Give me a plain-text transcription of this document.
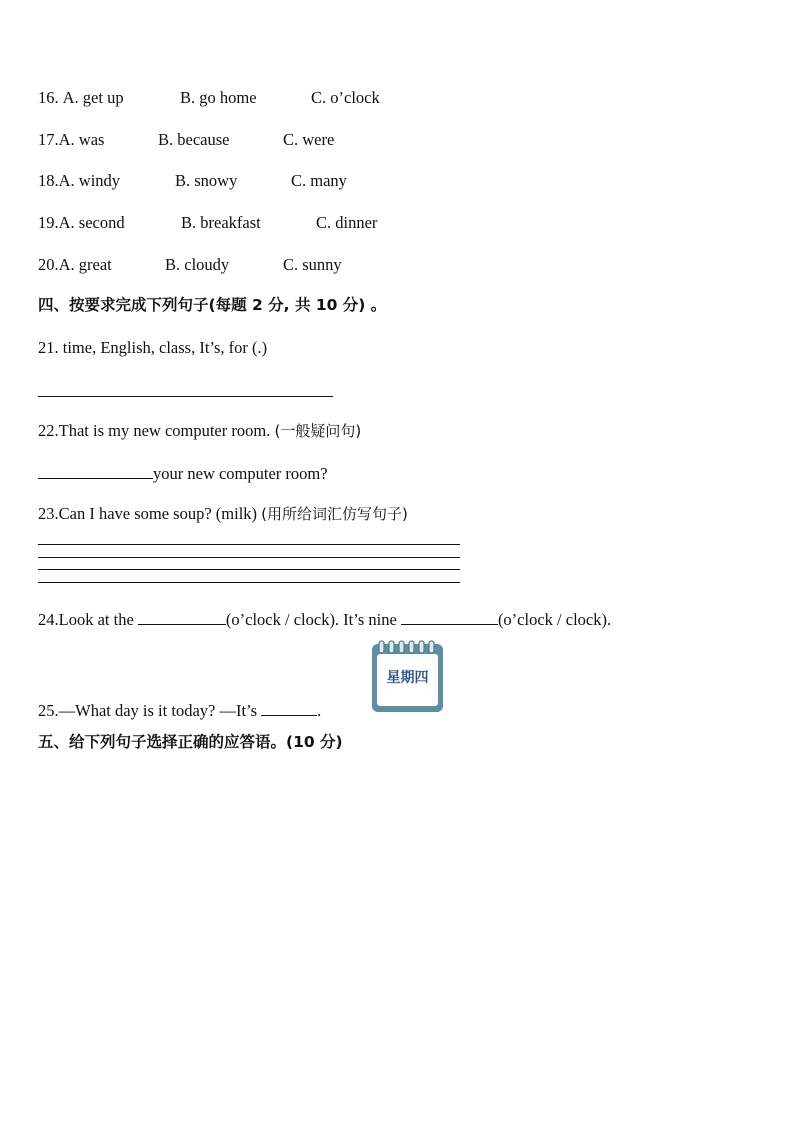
16. A. get up	B. go home	C. o’clock
17.A. was	B. because	C. were
18.A. windy	B. snowy	C. many
19.A. second	B. breakfast	C. dinner
20.A. great	B. cloudy	C. sunny
四、按要求完成下列句子(每题 2 分, 共 10 分) 。
21. time, English, class, It’s, for (.)
22.That is my new computer room. (一般疑问句)
your new computer room?
23.Can I have some soup? (milk) (用所给词汇仿写句子)
24.Look at the	(o’clock / clock). It’s nine	(o’clock / clock).
星期四
25.—What day is it today? —It’s	.
五、给下列句子选择正确的应答语。(10 分)
